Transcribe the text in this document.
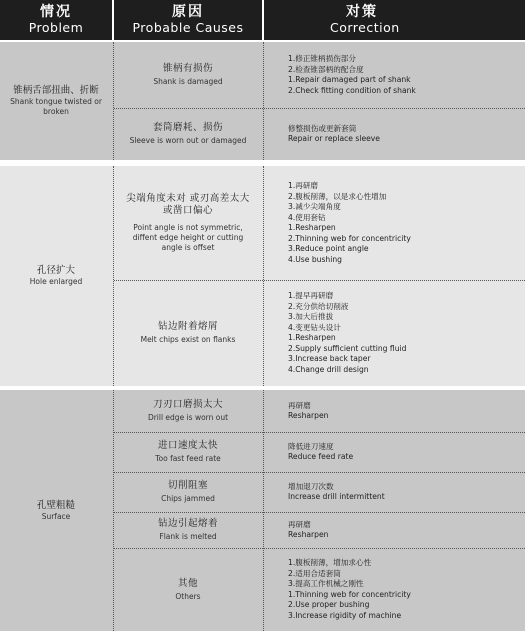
情况
Problem
原因
Probable Causes
对策
Correction
锥柄舌部扭曲、折断
Shank tongue twisted or broken
锥柄有损伤
Shank is damaged
1.修正锥柄损伤部分
2.检查锥部柄的配合度
1.Repair damaged part of shank
2.Check fitting condition of shank
套筒磨耗、损伤
Sleeve is worn out or damaged
修整损伤或更新套筒
Repair or replace sleeve
孔径扩大
Hole enlarged
尖端角度未对 或刃高差太大或凿口偏心
Point angle is not symmetric, diffent edge height or cutting angle is offset
1.再研磨
2.腹板削薄，以是求心性增加
3.减少尖端角度
4.使用套钻
1.Resharpen
2.Thinning web for concentricity
3.Reduce point angle
4.Use bushing
钻边附着熔屑
Melt chips exist on flanks
1.提早再研磨
2.充分供给切削液
3.加大后推拔
4.变更钻头设计
1.Resharpen
2.Supply sufficient cutting fluid
3.Increase back taper
4.Change drill design
孔壁粗糙
Surface
刀刃口磨损太大
Drill edge is worn out
再研磨
Resharpen
进口速度太快
Too fast feed rate
降低进刀速度
Reduce feed rate
切削阻塞
Chips jammed
增加退刀次数
Increase drill intermittent
钻边引起熔着
Flank is melted
再研磨
Resharpen
其他
Others
1.腹板削薄，增加求心性
2.适用合适套筒
3.提高工作机械之刚性
1.Thinning web for concentricity
2.Use proper bushing
3.Increase rigidity of machine
